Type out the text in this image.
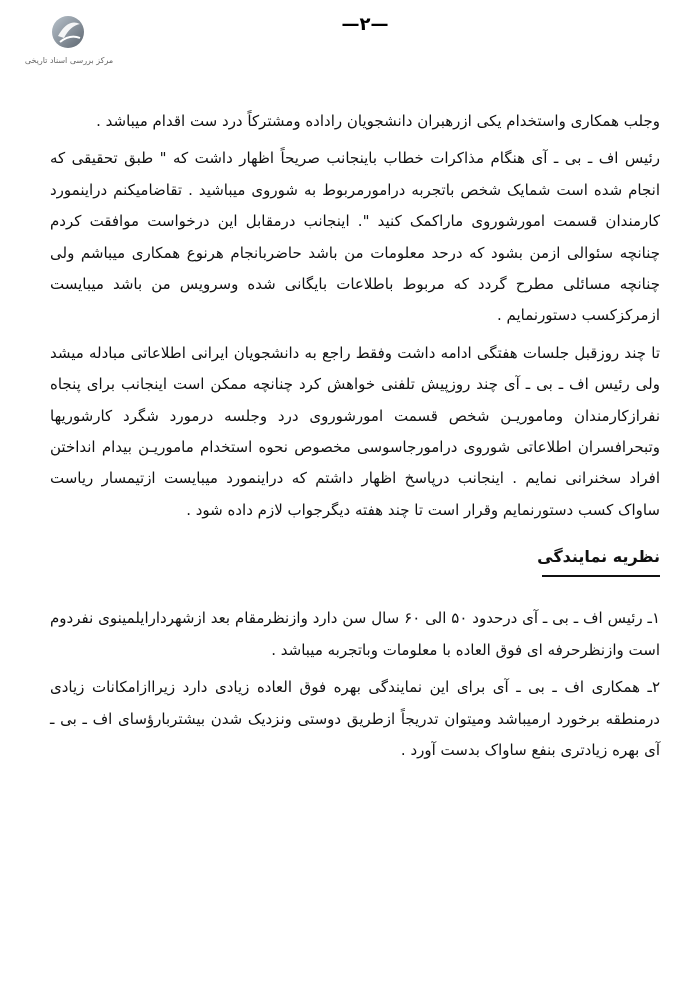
مرکز بررسی اسناد تاریخی
—۲—

وجلب همکاری واستخدام یکی ازرهبران دانشجویان راداده ومشترکاً درد ست اقدام میباشد .

رئیس اف ـ بی ـ آی هنگام مذاکرات خطاب باینجانب صریحاً اظهار داشت که " طبق تحقیقی که انجام شده است شمایک شخص باتجربه درامورمربوط به شوروی میباشید . تقاضامیکنم دراینمورد کارمندان قسمت امورشوروی ماراکمک کنید ". اینجانب درمقابل این درخواست موافقت کردم چنانچه سئوالی ازمن بشود که درحد معلومات من باشد حاضربانجام هرنوع همکاری میباشم ولی چنانچه مسائلی مطرح گردد که مربوط باطلاعات بایگانی شده وسرویس من باشد میبایست ازمرکزکسب دستورنمایم .

تا چند روزقبل جلسات هفتگی ادامه داشت وفقط راجع به دانشجویان ایرانی اطلاعاتی مبادله میشد ولی رئیس اف ـ بی ـ آی چند روزپیش تلفنی خواهش کرد چنانچه ممکن است اینجانب برای پنجاه نفرازکارمندان وماموریـن شخص قسمت امورشوروی درد وجلسه درمورد شگرد کارشوریها وتبحرافسران اطلاعاتی شوروی درامورجاسوسی مخصوص نحوه استخدام ماموریـن بیدام انداختن افراد سخنرانی نمایم . اینجانب درپاسخ اظهار داشتم که دراینمورد میبایست ازتیمسار ریاست ساواک کسب دستورنمایم وقرار است تا چند هفته دیگرجواب لازم داده شود .

نظریه نمایندگی

۱ـ رئیس اف ـ بی ـ آی درحدود ۵۰ الی ۶۰ سال سن دارد وازنظرمقام بعد ازشهردارایلمینوی نفردوم است وازنظرحرفه ای فوق العاده با معلومات وباتجربه میباشد .

۲ـ همکاری اف ـ بی ـ آی برای این نمایندگی بهره فوق العاده زیادی دارد زیراازامکانات زیادی درمنطقه برخورد ارمیباشد ومیتوان تدریجاً ازطریق دوستی ونزدیک شدن بیشتربارؤسای اف ـ بی ـ آی بهره زیادتری بنفع ساواک بدست آورد .
